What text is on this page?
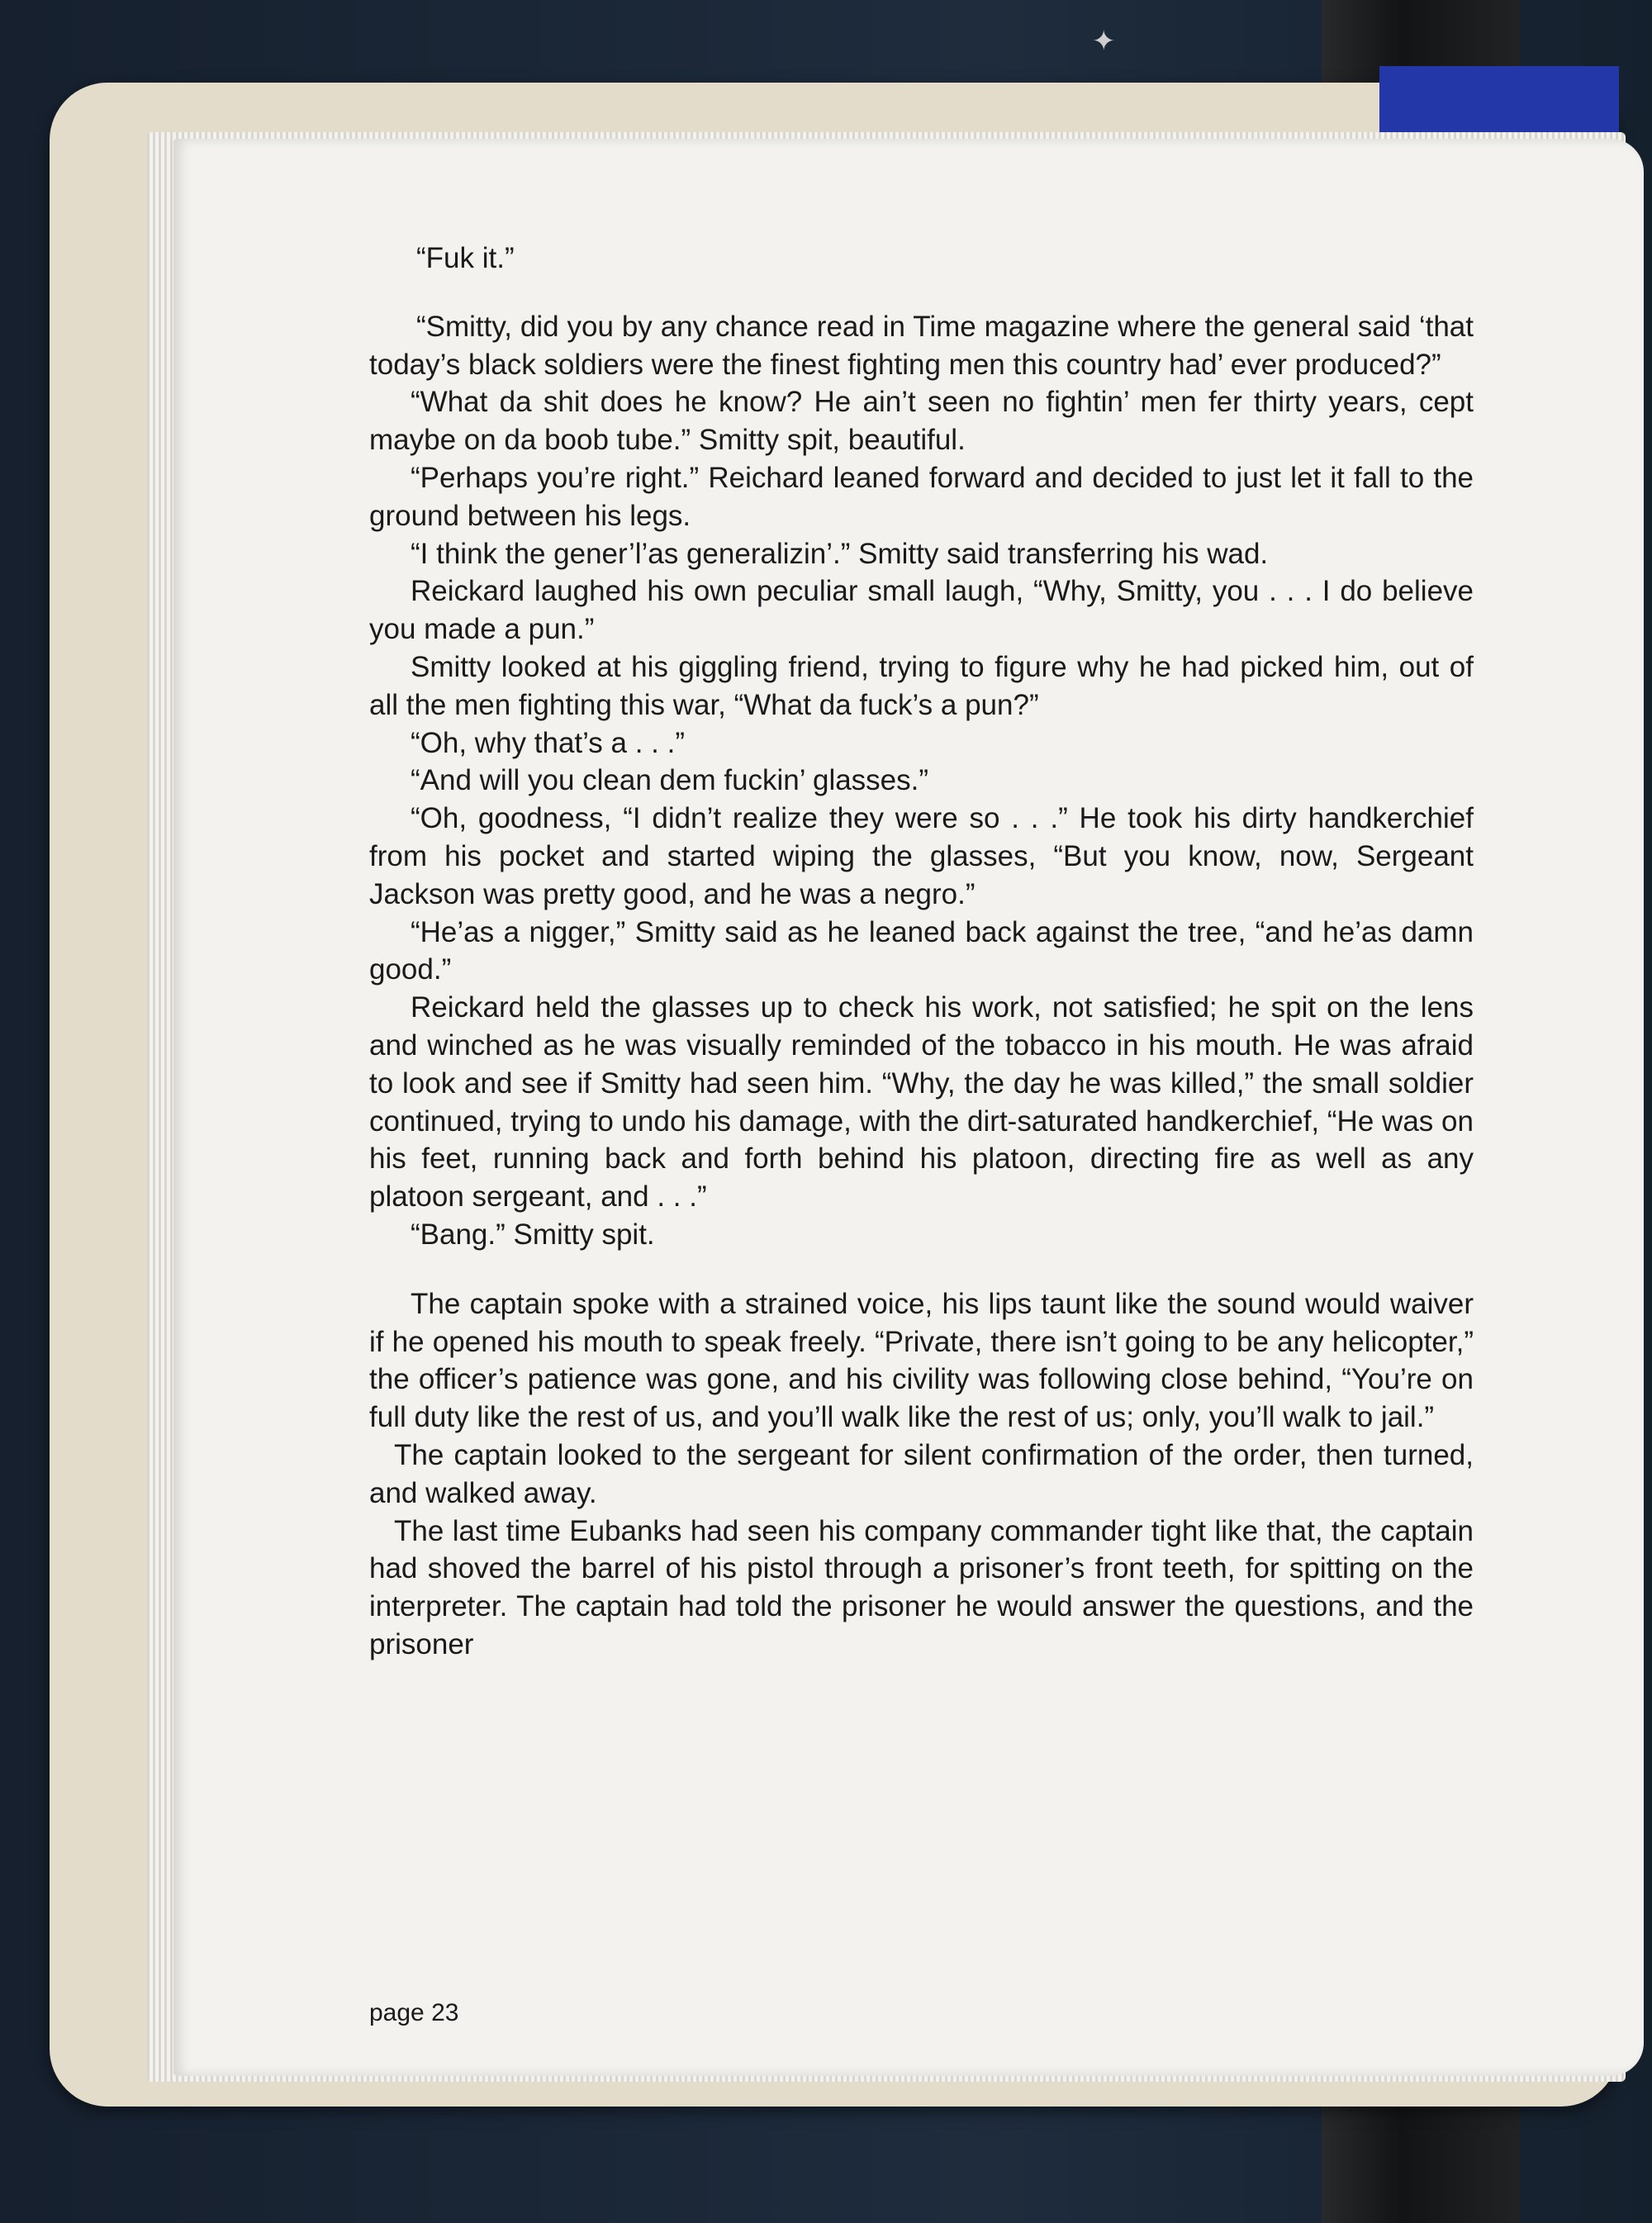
✦

“Fuk it.”

“Smitty, did you by any chance read in Time magazine where the general said ‘that today’s black soldiers were the finest fighting men this country had’ ever produced?”

“What da shit does he know? He ain’t seen no fightin’ men fer thirty years, cept maybe on da boob tube.” Smitty spit, beautiful.

“Perhaps you’re right.” Reichard leaned forward and decided to just let it fall to the ground between his legs.

“I think the gener’l’as generalizin’.” Smitty said transferring his wad.

Reickard laughed his own peculiar small laugh, “Why, Smitty, you . . . I do believe you made a pun.”

Smitty looked at his giggling friend, trying to figure why he had picked him, out of all the men fighting this war, “What da fuck’s a pun?”

“Oh, why that’s a . . .”

“And will you clean dem fuckin’ glasses.”

“Oh, goodness, “I didn’t realize they were so . . .” He took his dirty handkerchief from his pocket and started wiping the glasses, “But you know, now, Sergeant Jackson was pretty good, and he was a negro.”

“He’as a nigger,” Smitty said as he leaned back against the tree, “and he’as damn good.”

Reickard held the glasses up to check his work, not satisfied; he spit on the lens and winched as he was visually reminded of the tobacco in his mouth. He was afraid to look and see if Smitty had seen him. “Why, the day he was killed,” the small soldier continued, trying to undo his damage, with the dirt-saturated handkerchief, “He was on his feet, running back and forth behind his platoon, directing fire as well as any platoon sergeant, and . . .”

“Bang.” Smitty spit.

The captain spoke with a strained voice, his lips taunt like the sound would waiver if he opened his mouth to speak freely. “Private, there isn’t going to be any helicopter,” the officer’s patience was gone, and his civility was following close behind, “You’re on full duty like the rest of us, and you’ll walk like the rest of us; only, you’ll walk to jail.”

The captain looked to the sergeant for silent confirmation of the order, then turned, and walked away.

The last time Eubanks had seen his company commander tight like that, the captain had shoved the barrel of his pistol through a prisoner’s front teeth, for spitting on the interpreter. The captain had told the prisoner he would answer the questions, and the prisoner

page 23
